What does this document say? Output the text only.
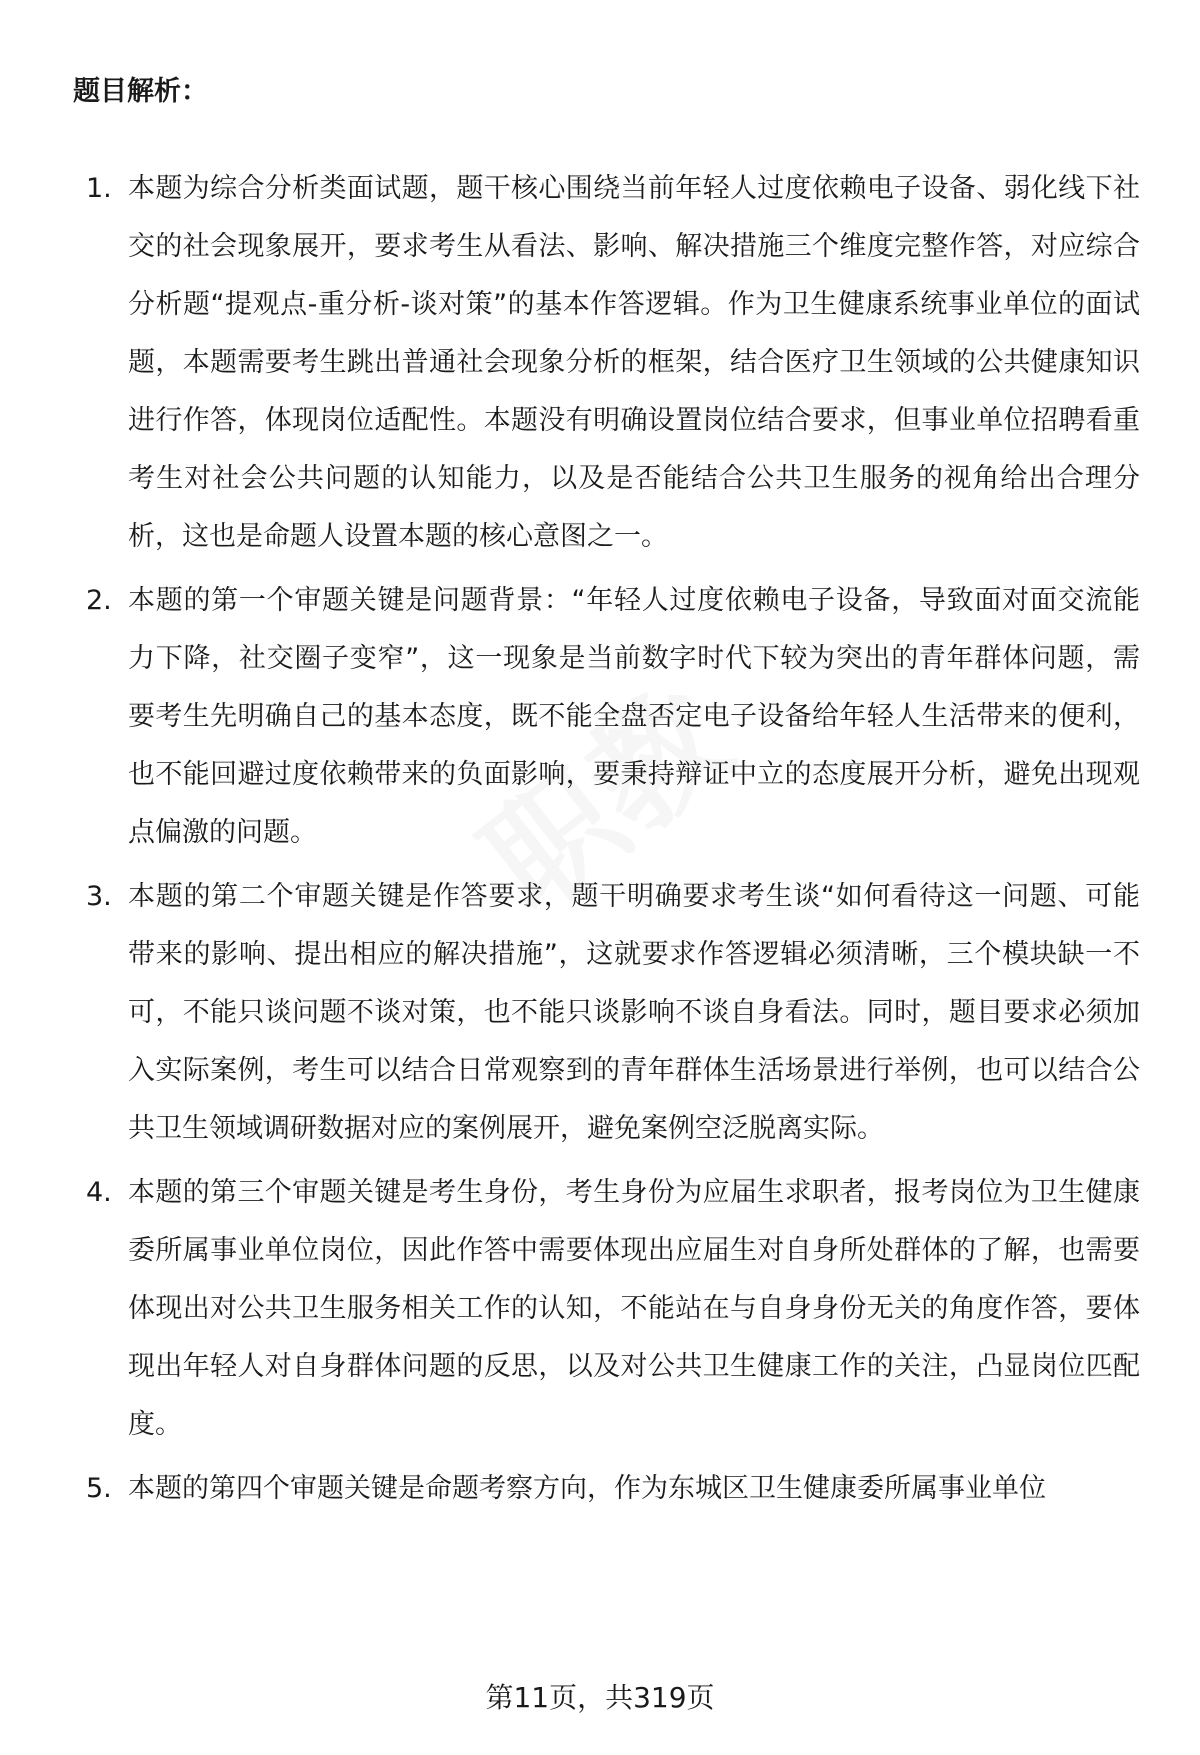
题目解析：
1. 本题为综合分析类面试题，题干核心围绕当前年轻人过度依赖电子设备、弱化线下社交的社会现象展开，要求考生从看法、影响、解决措施三个维度完整作答，对应综合分析题“提观点-重分析-谈对策”的基本作答逻辑。作为卫生健康系统事业单位的面试题，本题需要考生跳出普通社会现象分析的框架，结合医疗卫生领域的公共健康知识进行作答，体现岗位适配性。本题没有明确设置岗位结合要求，但事业单位招聘看重考生对社会公共问题的认知能力，以及是否能结合公共卫生服务的视角给出合理分析，这也是命题人设置本题的核心意图之一。

2. 本题的第一个审题关键是问题背景：“年轻人过度依赖电子设备，导致面对面交流能力下降，社交圈子变窄”，这一现象是当前数字时代下较为突出的青年群体问题，需要考生先明确自己的基本态度，既不能全盘否定电子设备给年轻人生活带来的便利，也不能回避过度依赖带来的负面影响，要秉持辩证中立的态度展开分析，避免出现观点偏激的问题。

3. 本题的第二个审题关键是作答要求，题干明确要求考生谈“如何看待这一问题、可能带来的影响、提出相应的解决措施”，这就要求作答逻辑必须清晰，三个模块缺一不可，不能只谈问题不谈对策，也不能只谈影响不谈自身看法。同时，题目要求必须加入实际案例，考生可以结合日常观察到的青年群体生活场景进行举例，也可以结合公共卫生领域调研数据对应的案例展开，避免案例空泛脱离实际。

4. 本题的第三个审题关键是考生身份，考生身份为应届生求职者，报考岗位为卫生健康委所属事业单位岗位，因此作答中需要体现出应届生对自身所处群体的了解，也需要体现出对公共卫生服务相关工作的认知，不能站在与自身身份无关的角度作答，要体现出年轻人对自身群体问题的反思，以及对公共卫生健康工作的关注，凸显岗位匹配度。

5. 本题的第四个审题关键是命题考察方向，作为东城区卫生健康委所属事业单位

第11页，共319页
